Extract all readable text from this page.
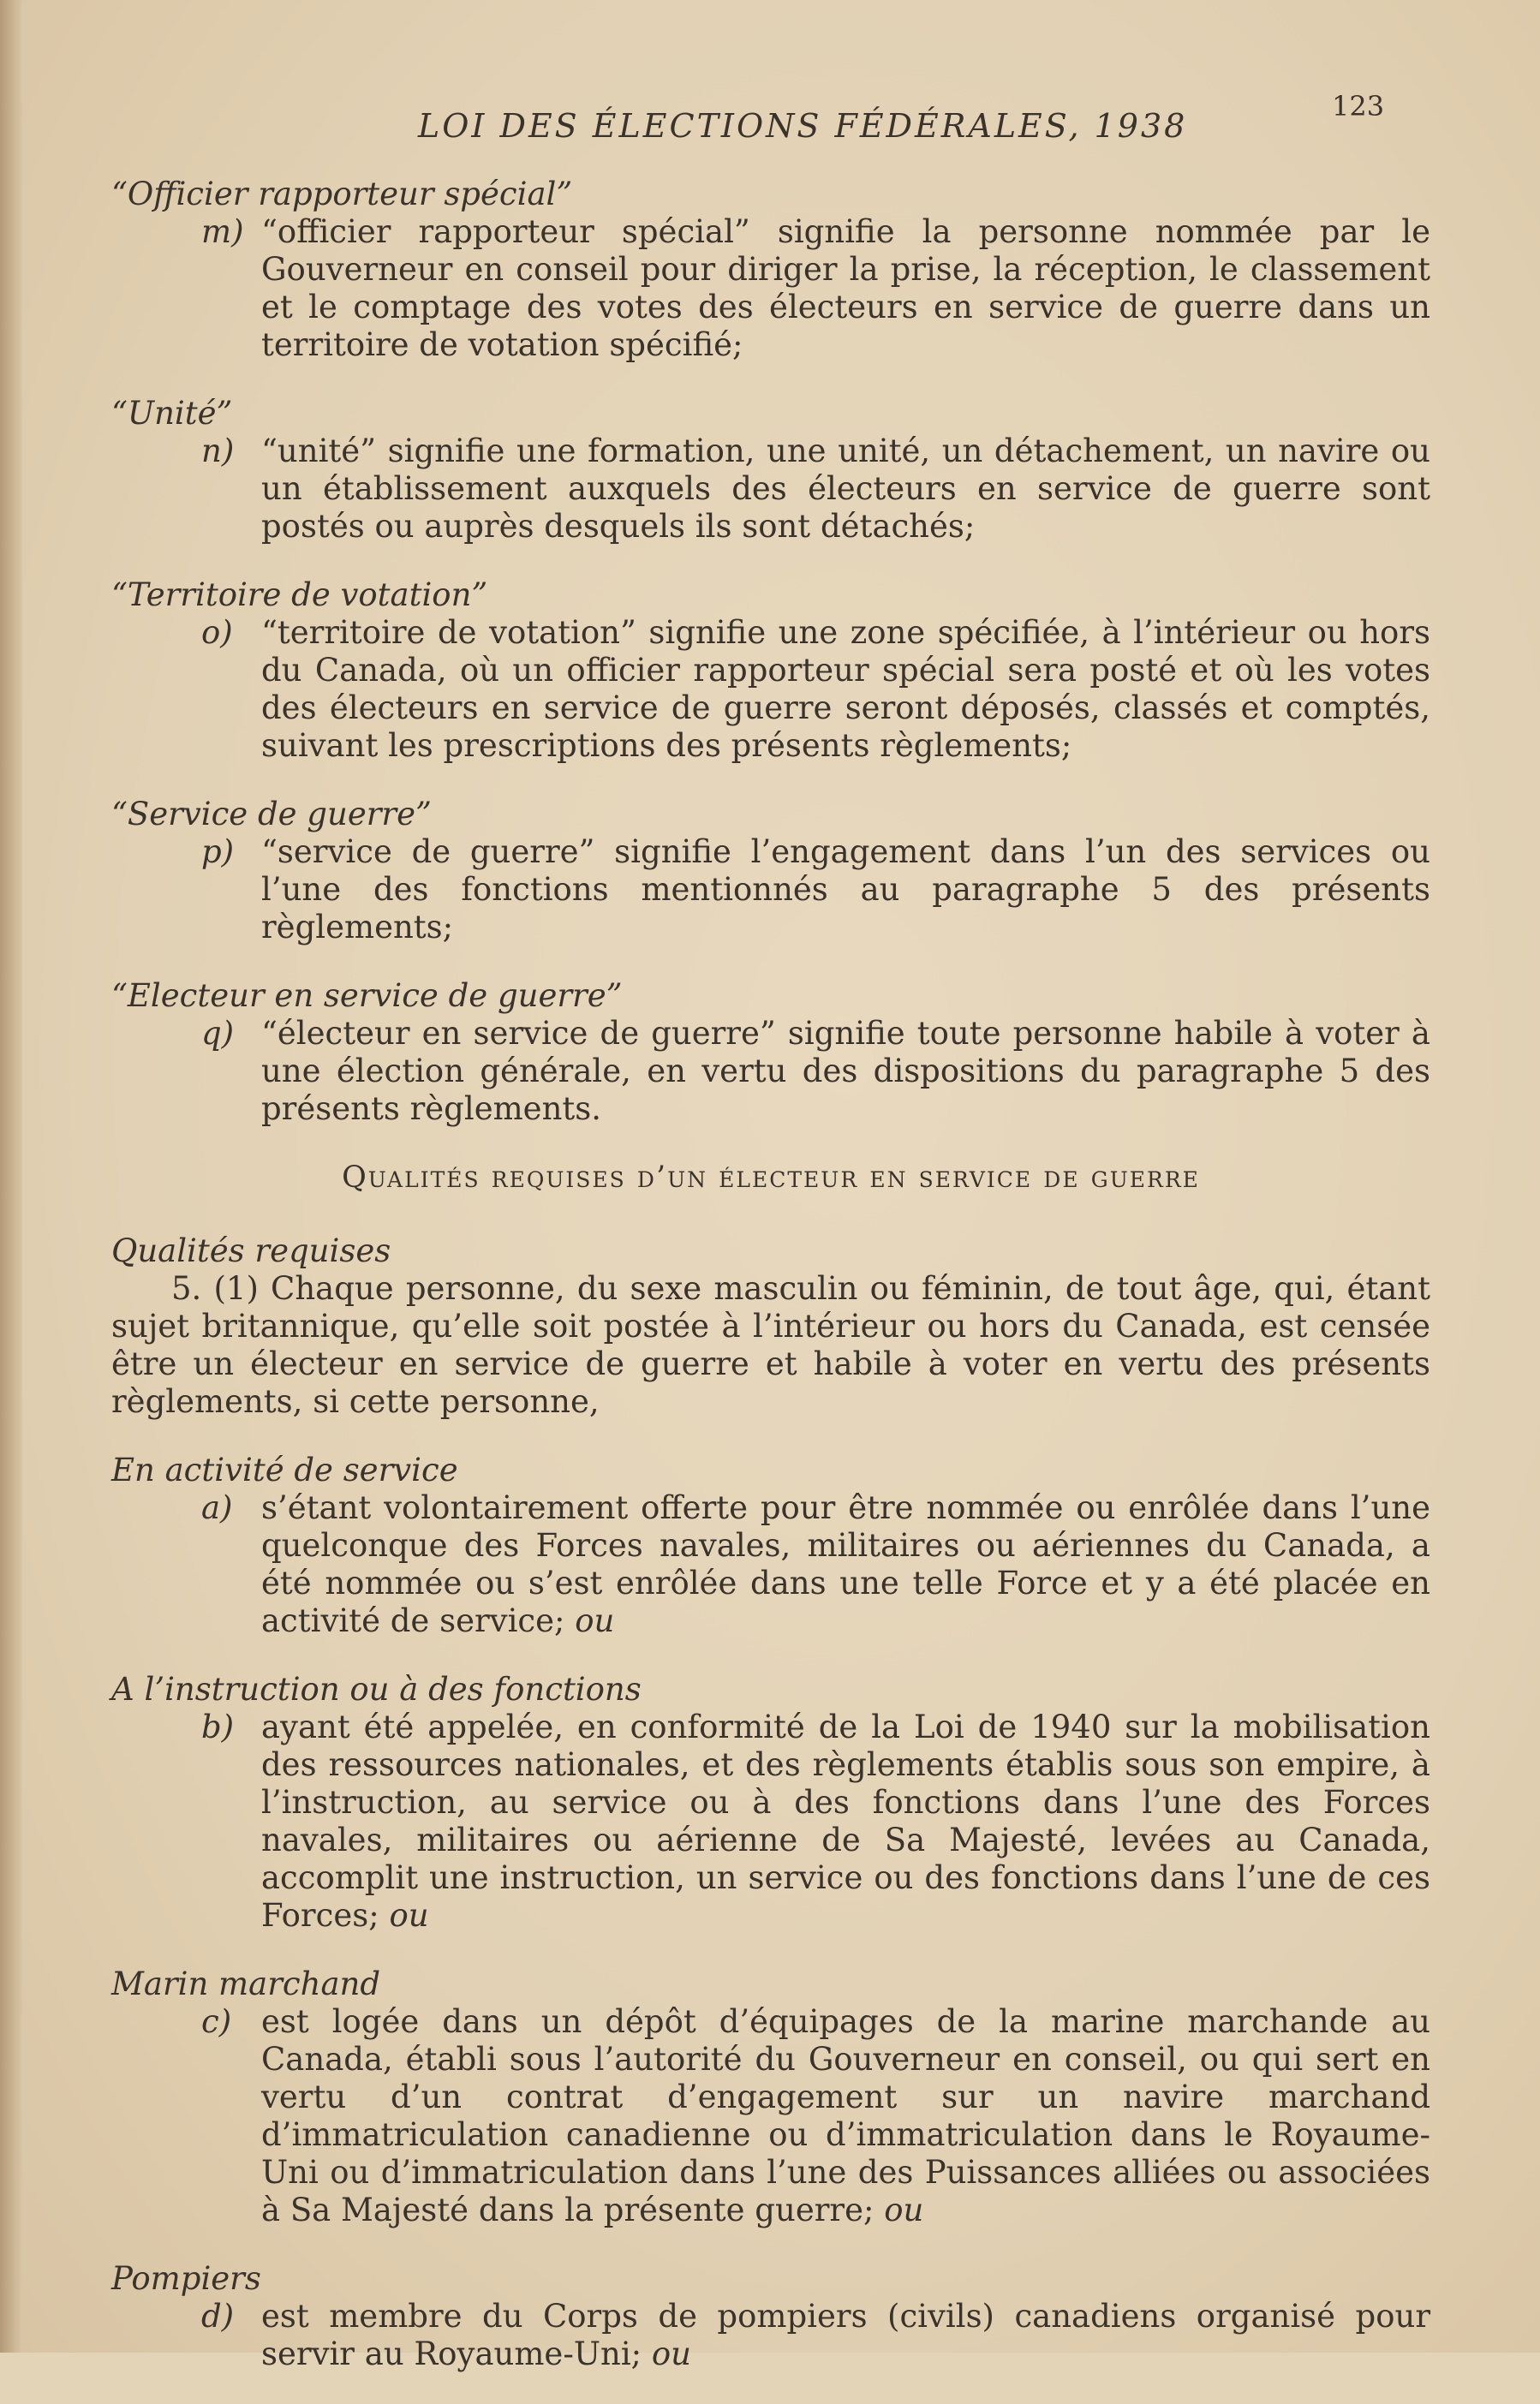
LOI DES ÉLECTIONS FÉDÉRALES, 1938
123
“Officier rapporteur spécial”
m) “officier rapporteur spécial” signifie la personne nommée par le Gouverneur en conseil pour diriger la prise, la réception, le classement et le comptage des votes des électeurs en service de guerre dans un territoire de votation spécifié;
“Unité”
n) “unité” signifie une formation, une unité, un détachement, un navire ou un établissement auxquels des électeurs en service de guerre sont postés ou auprès desquels ils sont détachés;
“Territoire de votation”
o) “territoire de votation” signifie une zone spécifiée, à l’intérieur ou hors du Canada, où un officier rapporteur spécial sera posté et où les votes des électeurs en service de guerre seront déposés, classés et comptés, suivant les prescriptions des présents règlements;
“Service de guerre”
p) “service de guerre” signifie l’engagement dans l’un des services ou l’une des fonctions mentionnés au paragraphe 5 des présents règlements;
“Electeur en service de guerre”
q) “électeur en service de guerre” signifie toute personne habile à voter à une élection générale, en vertu des dispositions du paragraphe 5 des présents règlements.
Qualités requises d’un électeur en service de guerre
Qualités requises

5. (1) Chaque personne, du sexe masculin ou féminin, de tout âge, qui, étant sujet britannique, qu’elle soit postée à l’intérieur ou hors du Canada, est censée être un électeur en service de guerre et habile à voter en vertu des présents règlements, si cette personne,

En activité de service
a) s’étant volontairement offerte pour être nommée ou enrôlée dans l’une quelconque des Forces navales, militaires ou aériennes du Canada, a été nommée ou s’est enrôlée dans une telle Force et y a été placée en activité de service; ou
A l’instruction ou à des fonctions
b) ayant été appelée, en conformité de la Loi de 1940 sur la mobilisation des ressources nationales, et des règlements établis sous son empire, à l’instruction, au service ou à des fonctions dans l’une des Forces navales, militaires ou aérienne de Sa Majesté, levées au Canada, accomplit une instruction, un service ou des fonctions dans l’une de ces Forces; ou
Marin marchand
c) est logée dans un dépôt d’équipages de la marine marchande au Canada, établi sous l’autorité du Gouverneur en conseil, ou qui sert en vertu d’un contrat d’engagement sur un navire marchand d’immatriculation canadienne ou d’immatriculation dans le Royaume-Uni ou d’immatriculation dans l’une des Puissances alliées ou associées à Sa Majesté dans la présente guerre; ou
Pompiers
d) est membre du Corps de pompiers (civils) canadiens organisé pour servir au Royaume-Uni; ou
